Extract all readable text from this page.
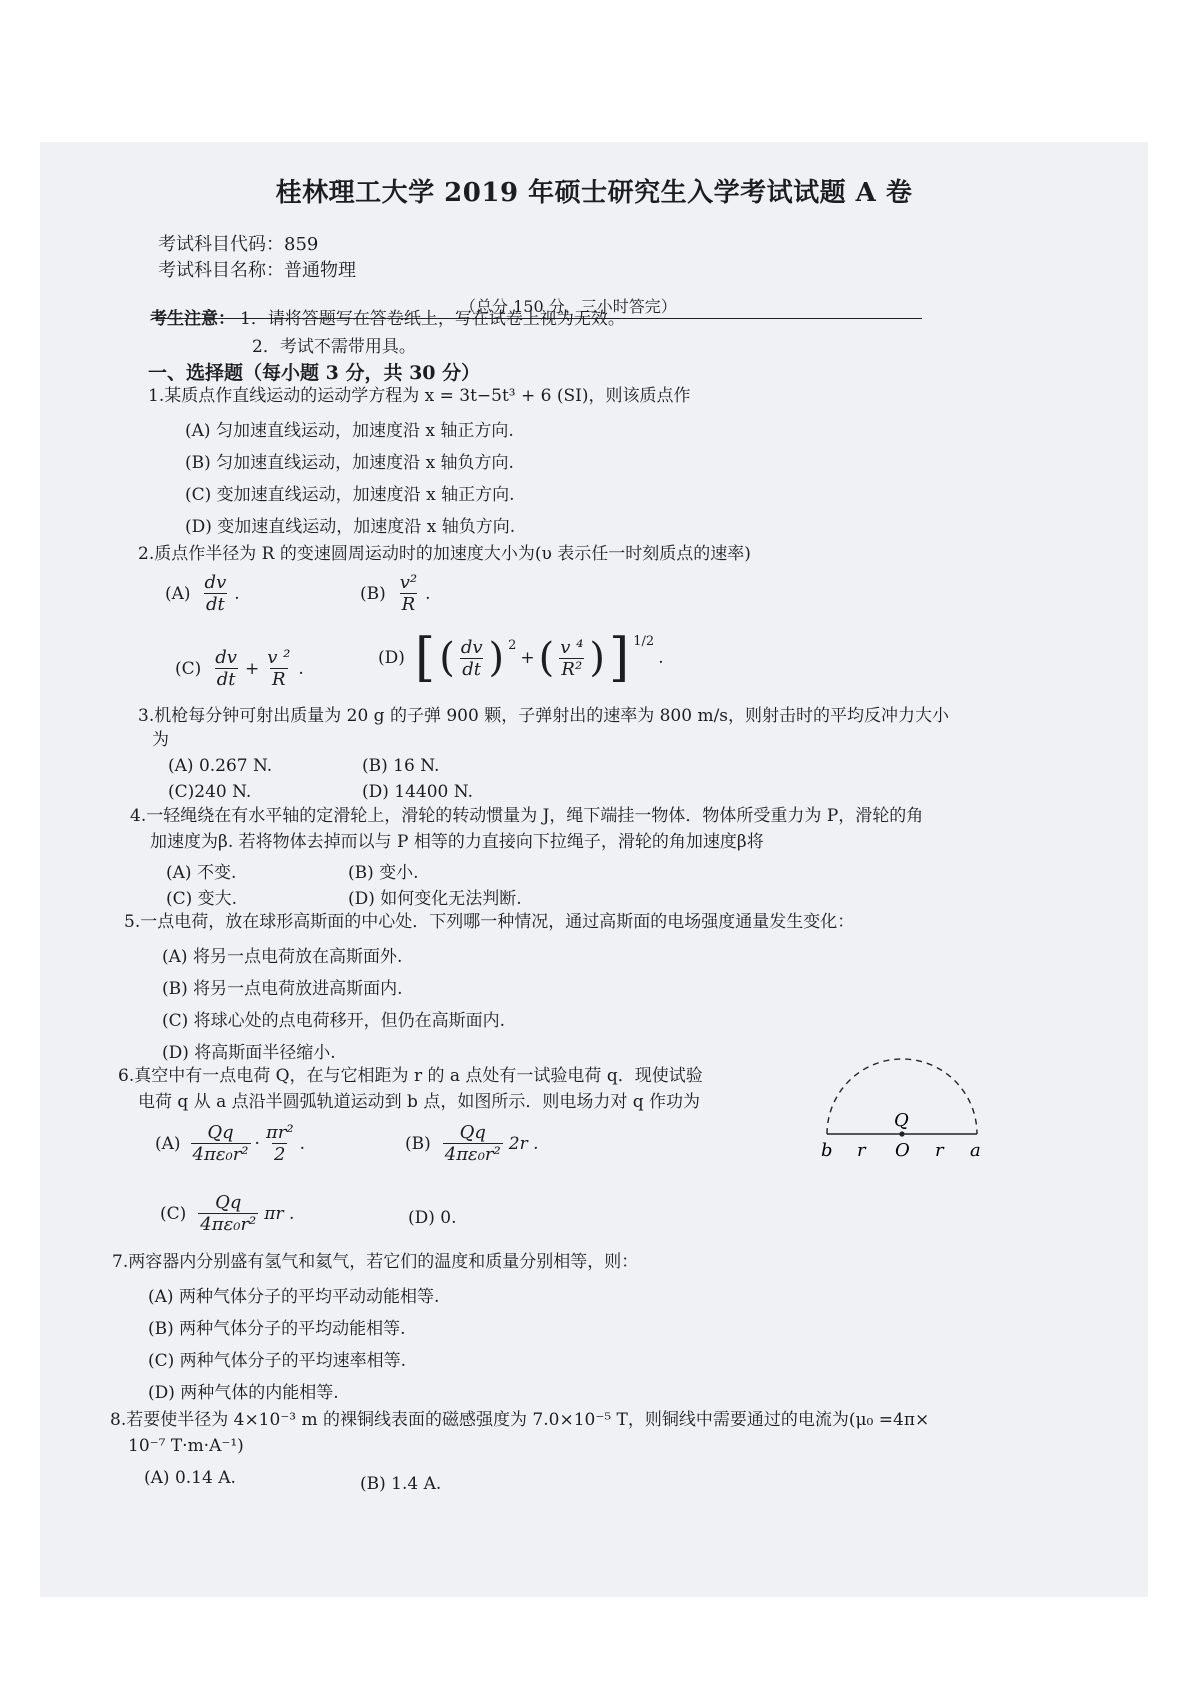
桂林理工大学 2019 年硕士研究生入学考试试题 A 卷
考试科目代码：859
考试科目名称：普通物理
（总分 150 分，三小时答完）
考生注意： 1．请将答题写在答卷纸上，写在试卷上视为无效。
2．考试不需带用具。
一、选择题（每小题 3 分，共 30 分）
1.某质点作直线运动的运动学方程为 x = 3t−5t³ + 6 (SI)，则该质点作
(A) 匀加速直线运动，加速度沿 x 轴正方向.
(B) 匀加速直线运动，加速度沿 x 轴负方向.
(C) 变加速直线运动，加速度沿 x 轴正方向.
(D) 变加速直线运动，加速度沿 x 轴负方向.
2.质点作半径为 R 的变速圆周运动时的加速度大小为(υ 表示任一时刻质点的速率)
$(A) \frac{dv}{dt}$ .	$(B) \frac{\text{v²}}{R}$ .
$(C) \frac{dv}{dt} + \frac{\text{v ²}}{R}$ .
(D) [ ( $\frac{dv}{dt}$ ) 2
+ ( $\frac{\text{v ⁴}}{\text{R²}}$ ) ] 1/2
.
3.机枪每分钟可射出质量为 20 g 的子弹 900 颗，子弹射出的速率为 800 m/s，则射击时的平均反冲力大小
为
(A) 0.267 N.	(B) 16 N.
(C)240 N.	(D) 14400 N.
4.一轻绳绕在有水平轴的定滑轮上，滑轮的转动惯量为 J，绳下端挂一物体．物体所受重力为 P，滑轮的角
加速度为β. 若将物体去掉而以与 P 相等的力直接向下拉绳子，滑轮的角加速度β将
(A) 不变.	(B) 变小.
(C) 变大.	(D) 如何变化无法判断.
5.一点电荷，放在球形高斯面的中心处．下列哪一种情况，通过高斯面的电场强度通量发生变化：
(A) 将另一点电荷放在高斯面外.
(B) 将另一点电荷放进高斯面内.
(C) 将球心处的点电荷移开，但仍在高斯面内.
(D) 将高斯面半径缩小.
6.真空中有一点电荷 Q，在与它相距为 r 的 a 点处有一试验电荷 q．现使试验
电荷 q 从 a 点沿半圆弧轨道运动到 b 点，如图所示．则电场力对 q 作功为
$(A) \frac{Qq}{\text{4πε₀r²}} \cdot \frac{\text{πr²}}{2}$ .	$(B) \frac{Qq}{\text{4πε₀r²}} 2r$ .
$(C) \frac{Qq}{\text{4πε₀r²}}$ πr .	(D) 0.
Q
b r O r a
7.两容器内分别盛有氢气和氦气，若它们的温度和质量分别相等，则：
(A) 两种气体分子的平均平动动能相等.
(B) 两种气体分子的平均动能相等.
(C) 两种气体分子的平均速率相等.
(D) 两种气体的内能相等.
8.若要使半径为 4×10⁻³ m 的裸铜线表面的磁感强度为 7.0×10⁻⁵ T，则铜线中需要通过的电流为(μ₀ =4π×
10⁻⁷ T·m·A⁻¹)
(A) 0.14 A.	(B) 1.4 A.
